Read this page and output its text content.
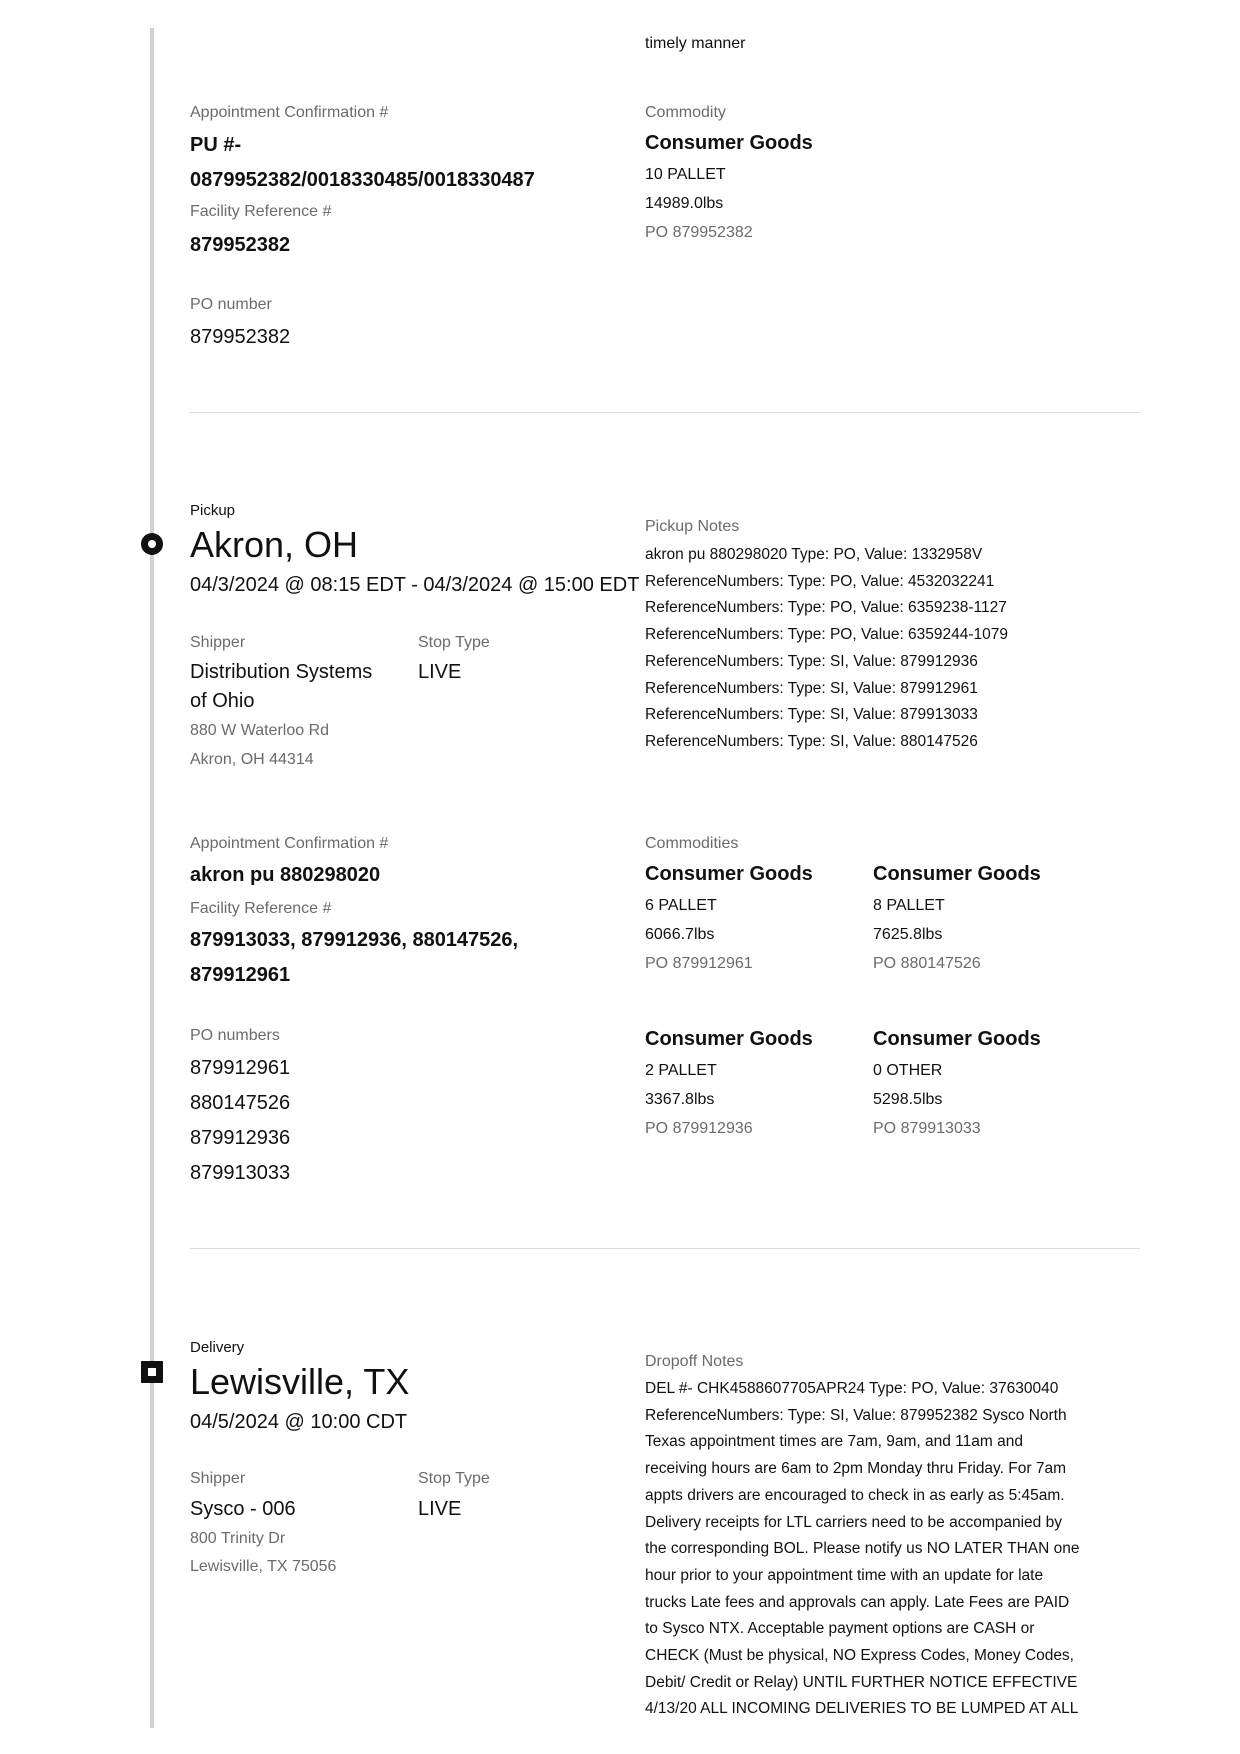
timely manner
Appointment Confirmation #
PU #-
0879952382/0018330485/0018330487
Facility Reference #
879952382
PO number
879952382
Commodity
Consumer Goods
10 PALLET
14989.0lbs
PO 879952382
Pickup
Akron, OH
04/3/2024 @ 08:15 EDT - 04/3/2024 @ 15:00 EDT
Shipper
Distribution Systems
of Ohio
880 W Waterloo Rd
Akron, OH 44314
Stop Type
LIVE
Pickup Notes
akron pu 880298020 Type: PO, Value: 1332958V
ReferenceNumbers: Type: PO, Value: 4532032241
ReferenceNumbers: Type: PO, Value: 6359238-1127
ReferenceNumbers: Type: PO, Value: 6359244-1079
ReferenceNumbers: Type: SI, Value: 879912936
ReferenceNumbers: Type: SI, Value: 879912961
ReferenceNumbers: Type: SI, Value: 879913033
ReferenceNumbers: Type: SI, Value: 880147526
Appointment Confirmation #
akron pu 880298020
Facility Reference #
879913033, 879912936, 880147526,
879912961
PO numbers
879912961
880147526
879912936
879913033
Commodities
Consumer Goods
6 PALLET
6066.7lbs
PO 879912961
Consumer Goods
8 PALLET
7625.8lbs
PO 880147526
Consumer Goods
2 PALLET
3367.8lbs
PO 879912936
Consumer Goods
0 OTHER
5298.5lbs
PO 879913033
Delivery
Lewisville, TX
04/5/2024 @ 10:00 CDT
Shipper
Sysco - 006
800 Trinity Dr
Lewisville, TX 75056
Stop Type
LIVE
Dropoff Notes
DEL #- CHK4588607705APR24 Type: PO, Value: 37630040
ReferenceNumbers: Type: SI, Value: 879952382 Sysco North
Texas appointment times are 7am, 9am, and 11am and
receiving hours are 6am to 2pm Monday thru Friday. For 7am
appts drivers are encouraged to check in as early as 5:45am.
Delivery receipts for LTL carriers need to be accompanied by
the corresponding BOL. Please notify us NO LATER THAN one
hour prior to your appointment time with an update for late
trucks Late fees and approvals can apply. Late Fees are PAID
to Sysco NTX. Acceptable payment options are CASH or
CHECK (Must be physical, NO Express Codes, Money Codes,
Debit/ Credit or Relay) UNTIL FURTHER NOTICE EFFECTIVE
4/13/20 ALL INCOMING DELIVERIES TO BE LUMPED AT ALL
